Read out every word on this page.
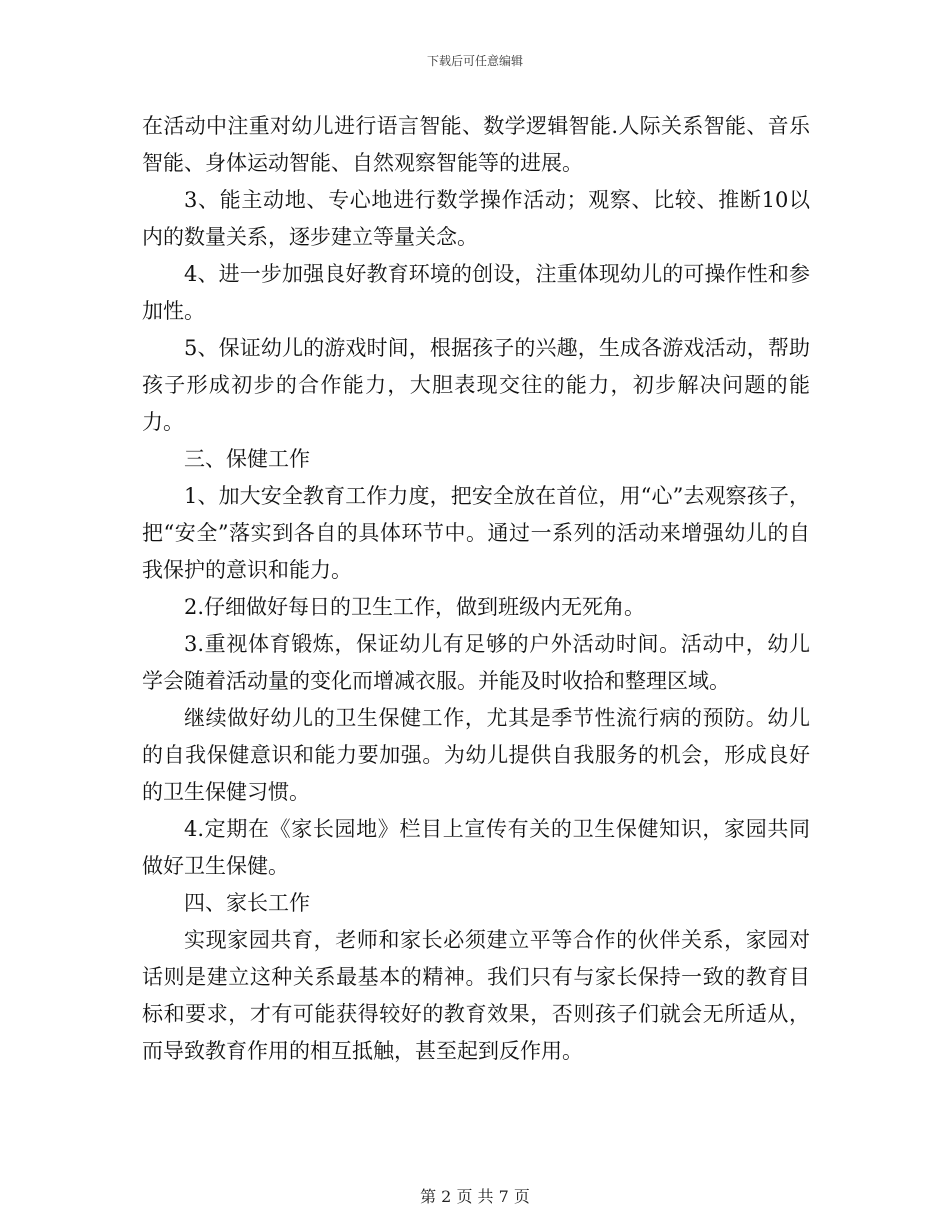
下载后可任意编辑

在活动中注重对幼儿进行语言智能、数学逻辑智能.人际关系智能、音乐智能、身体运动智能、自然观察智能等的进展。

3、能主动地、专心地进行数学操作活动；观察、比较、推断10以内的数量关系，逐步建立等量关念。

4、进一步加强良好教育环境的创设，注重体现幼儿的可操作性和参加性。

5、保证幼儿的游戏时间，根据孩子的兴趣，生成各游戏活动，帮助孩子形成初步的合作能力，大胆表现交往的能力，初步解决问题的能力。

三、保健工作

1、加大安全教育工作力度，把安全放在首位，用“心”去观察孩子，把“安全”落实到各自的具体环节中。通过一系列的活动来增强幼儿的自我保护的意识和能力。

2.仔细做好每日的卫生工作，做到班级内无死角。

3.重视体育锻炼，保证幼儿有足够的户外活动时间。活动中，幼儿学会随着活动量的变化而增减衣服。并能及时收拾和整理区域。

继续做好幼儿的卫生保健工作，尤其是季节性流行病的预防。幼儿的自我保健意识和能力要加强。为幼儿提供自我服务的机会，形成良好的卫生保健习惯。

4.定期在《家长园地》栏目上宣传有关的卫生保健知识，家园共同做好卫生保健。

四、家长工作

实现家园共育，老师和家长必须建立平等合作的伙伴关系，家园对话则是建立这种关系最基本的精神。我们只有与家长保持一致的教育目标和要求，才有可能获得较好的教育效果，否则孩子们就会无所适从，而导致教育作用的相互抵触，甚至起到反作用。

第 2 页 共 7 页
